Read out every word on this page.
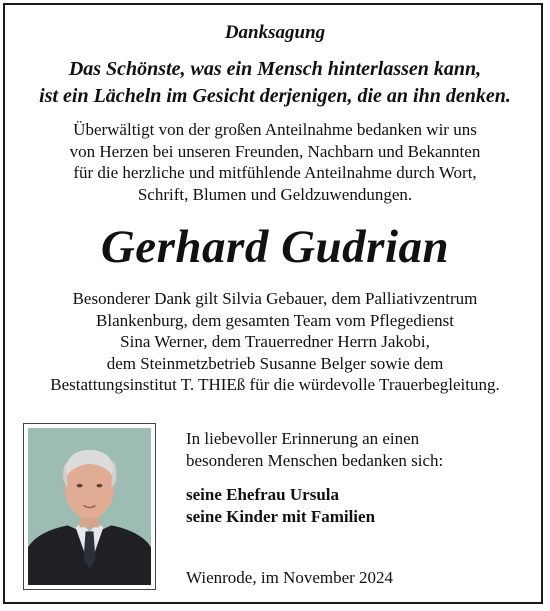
Danksagung
Das Schönste, was ein Mensch hinterlassen kann,
ist ein Lächeln im Gesicht derjenigen, die an ihn denken.
Überwältigt von der großen Anteilnahme bedanken wir uns
von Herzen bei unseren Freunden, Nachbarn und Bekannten
für die herzliche und mitfühlende Anteilnahme durch Wort,
Schrift, Blumen und Geldzuwendungen.
Gerhard Gudrian
Besonderer Dank gilt Silvia Gebauer, dem Palliativzentrum
Blankenburg, dem gesamten Team vom Pflegedienst
Sina Werner, dem Trauerredner Herrn Jakobi,
dem Steinmetzbetrieb Susanne Belger sowie dem
Bestattungsinstitut T. THIEß für die würdevolle Trauerbegleitung.
In liebevoller Erinnerung an einen
besonderen Menschen bedanken sich:
seine Ehefrau Ursula
seine Kinder mit Familien
Wienrode, im November 2024
